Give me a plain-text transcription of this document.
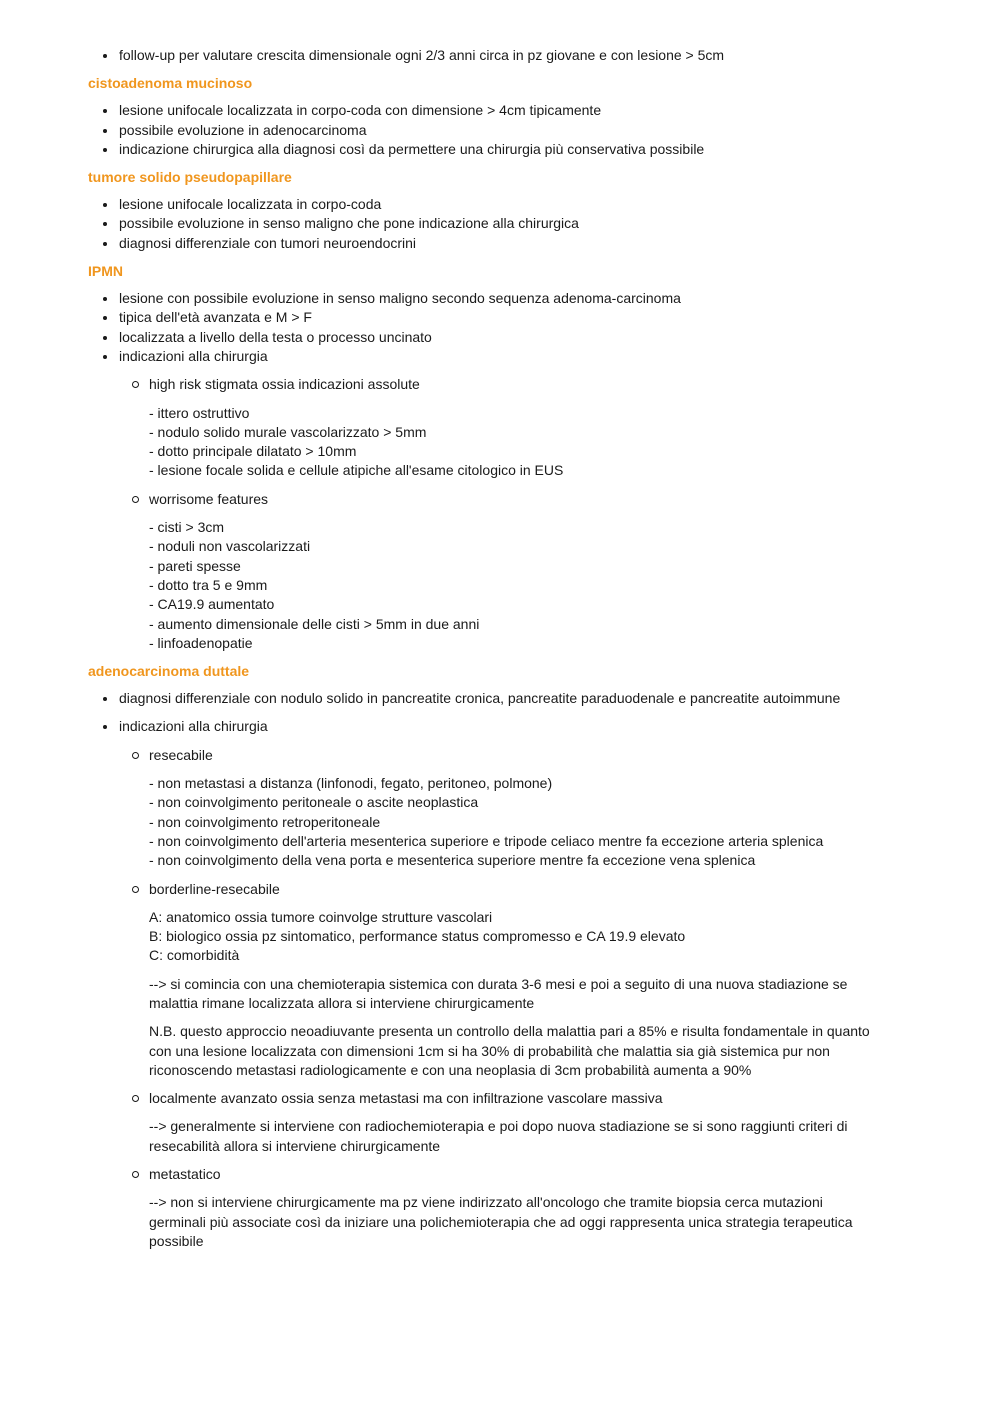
follow-up per valutare crescita dimensionale ogni 2/3 anni circa in pz giovane e con lesione > 5cm
cistoadenoma mucinoso
lesione unifocale localizzata in corpo-coda con dimensione > 4cm tipicamente
possibile evoluzione in adenocarcinoma
indicazione chirurgica alla diagnosi così da permettere una chirurgia più conservativa possibile
tumore solido pseudopapillare
lesione unifocale localizzata in corpo-coda
possibile evoluzione in senso maligno che pone indicazione alla chirurgica
diagnosi differenziale con tumori neuroendocrini
IPMN
lesione con possibile evoluzione in senso maligno secondo sequenza adenoma-carcinoma
tipica dell'età avanzata e M > F
localizzata a livello della testa o processo uncinato
indicazioni alla chirurgia
high risk stigmata ossia indicazioni assolute
- ittero ostruttivo
- nodulo solido murale vascolarizzato > 5mm
- dotto principale dilatato > 10mm
- lesione focale solida e cellule atipiche all'esame citologico in EUS
worrisome features
- cisti > 3cm
- noduli non vascolarizzati
- pareti spesse
- dotto tra 5 e 9mm
- CA19.9 aumentato
- aumento dimensionale delle cisti > 5mm in due anni
- linfoadenopatie
adenocarcinoma duttale
diagnosi differenziale con nodulo solido in pancreatite cronica, pancreatite paraduodenale e pancreatite autoimmune
indicazioni alla chirurgia
resecabile
- non metastasi a distanza (linfonodi, fegato, peritoneo, polmone)
- non coinvolgimento peritoneale o ascite neoplastica
- non coinvolgimento retroperitoneale
- non coinvolgimento dell'arteria mesenterica superiore e tripode celiaco mentre fa eccezione arteria splenica
- non coinvolgimento della vena porta e mesenterica superiore mentre fa eccezione vena splenica
borderline-resecabile
A: anatomico ossia tumore coinvolge strutture vascolari
B: biologico ossia pz sintomatico, performance status compromesso e CA 19.9 elevato
C: comorbidità

--> si comincia con una chemioterapia sistemica con durata 3-6 mesi e poi a seguito di una nuova stadiazione se malattia rimane localizzata allora si interviene chirurgicamente

N.B. questo approccio neoadiuvante presenta un controllo della malattia pari a 85% e risulta fondamentale in quanto con una lesione localizzata con dimensioni 1cm si ha 30% di probabilità che malattia sia già sistemica pur non riconoscendo metastasi radiologicamente e con una neoplasia di 3cm probabilità aumenta a 90%

localmente avanzato ossia senza metastasi ma con infiltrazione vascolare massiva

--> generalmente si interviene con radiochemioterapia e poi dopo nuova stadiazione se si sono raggiunti criteri di resecabilità allora si interviene chirurgicamente

metastatico

--> non si interviene chirurgicamente ma pz viene indirizzato all'oncologo che tramite biopsia cerca mutazioni germinali più associate così da iniziare una polichemioterapia che ad oggi rappresenta unica strategia terapeutica possibile
